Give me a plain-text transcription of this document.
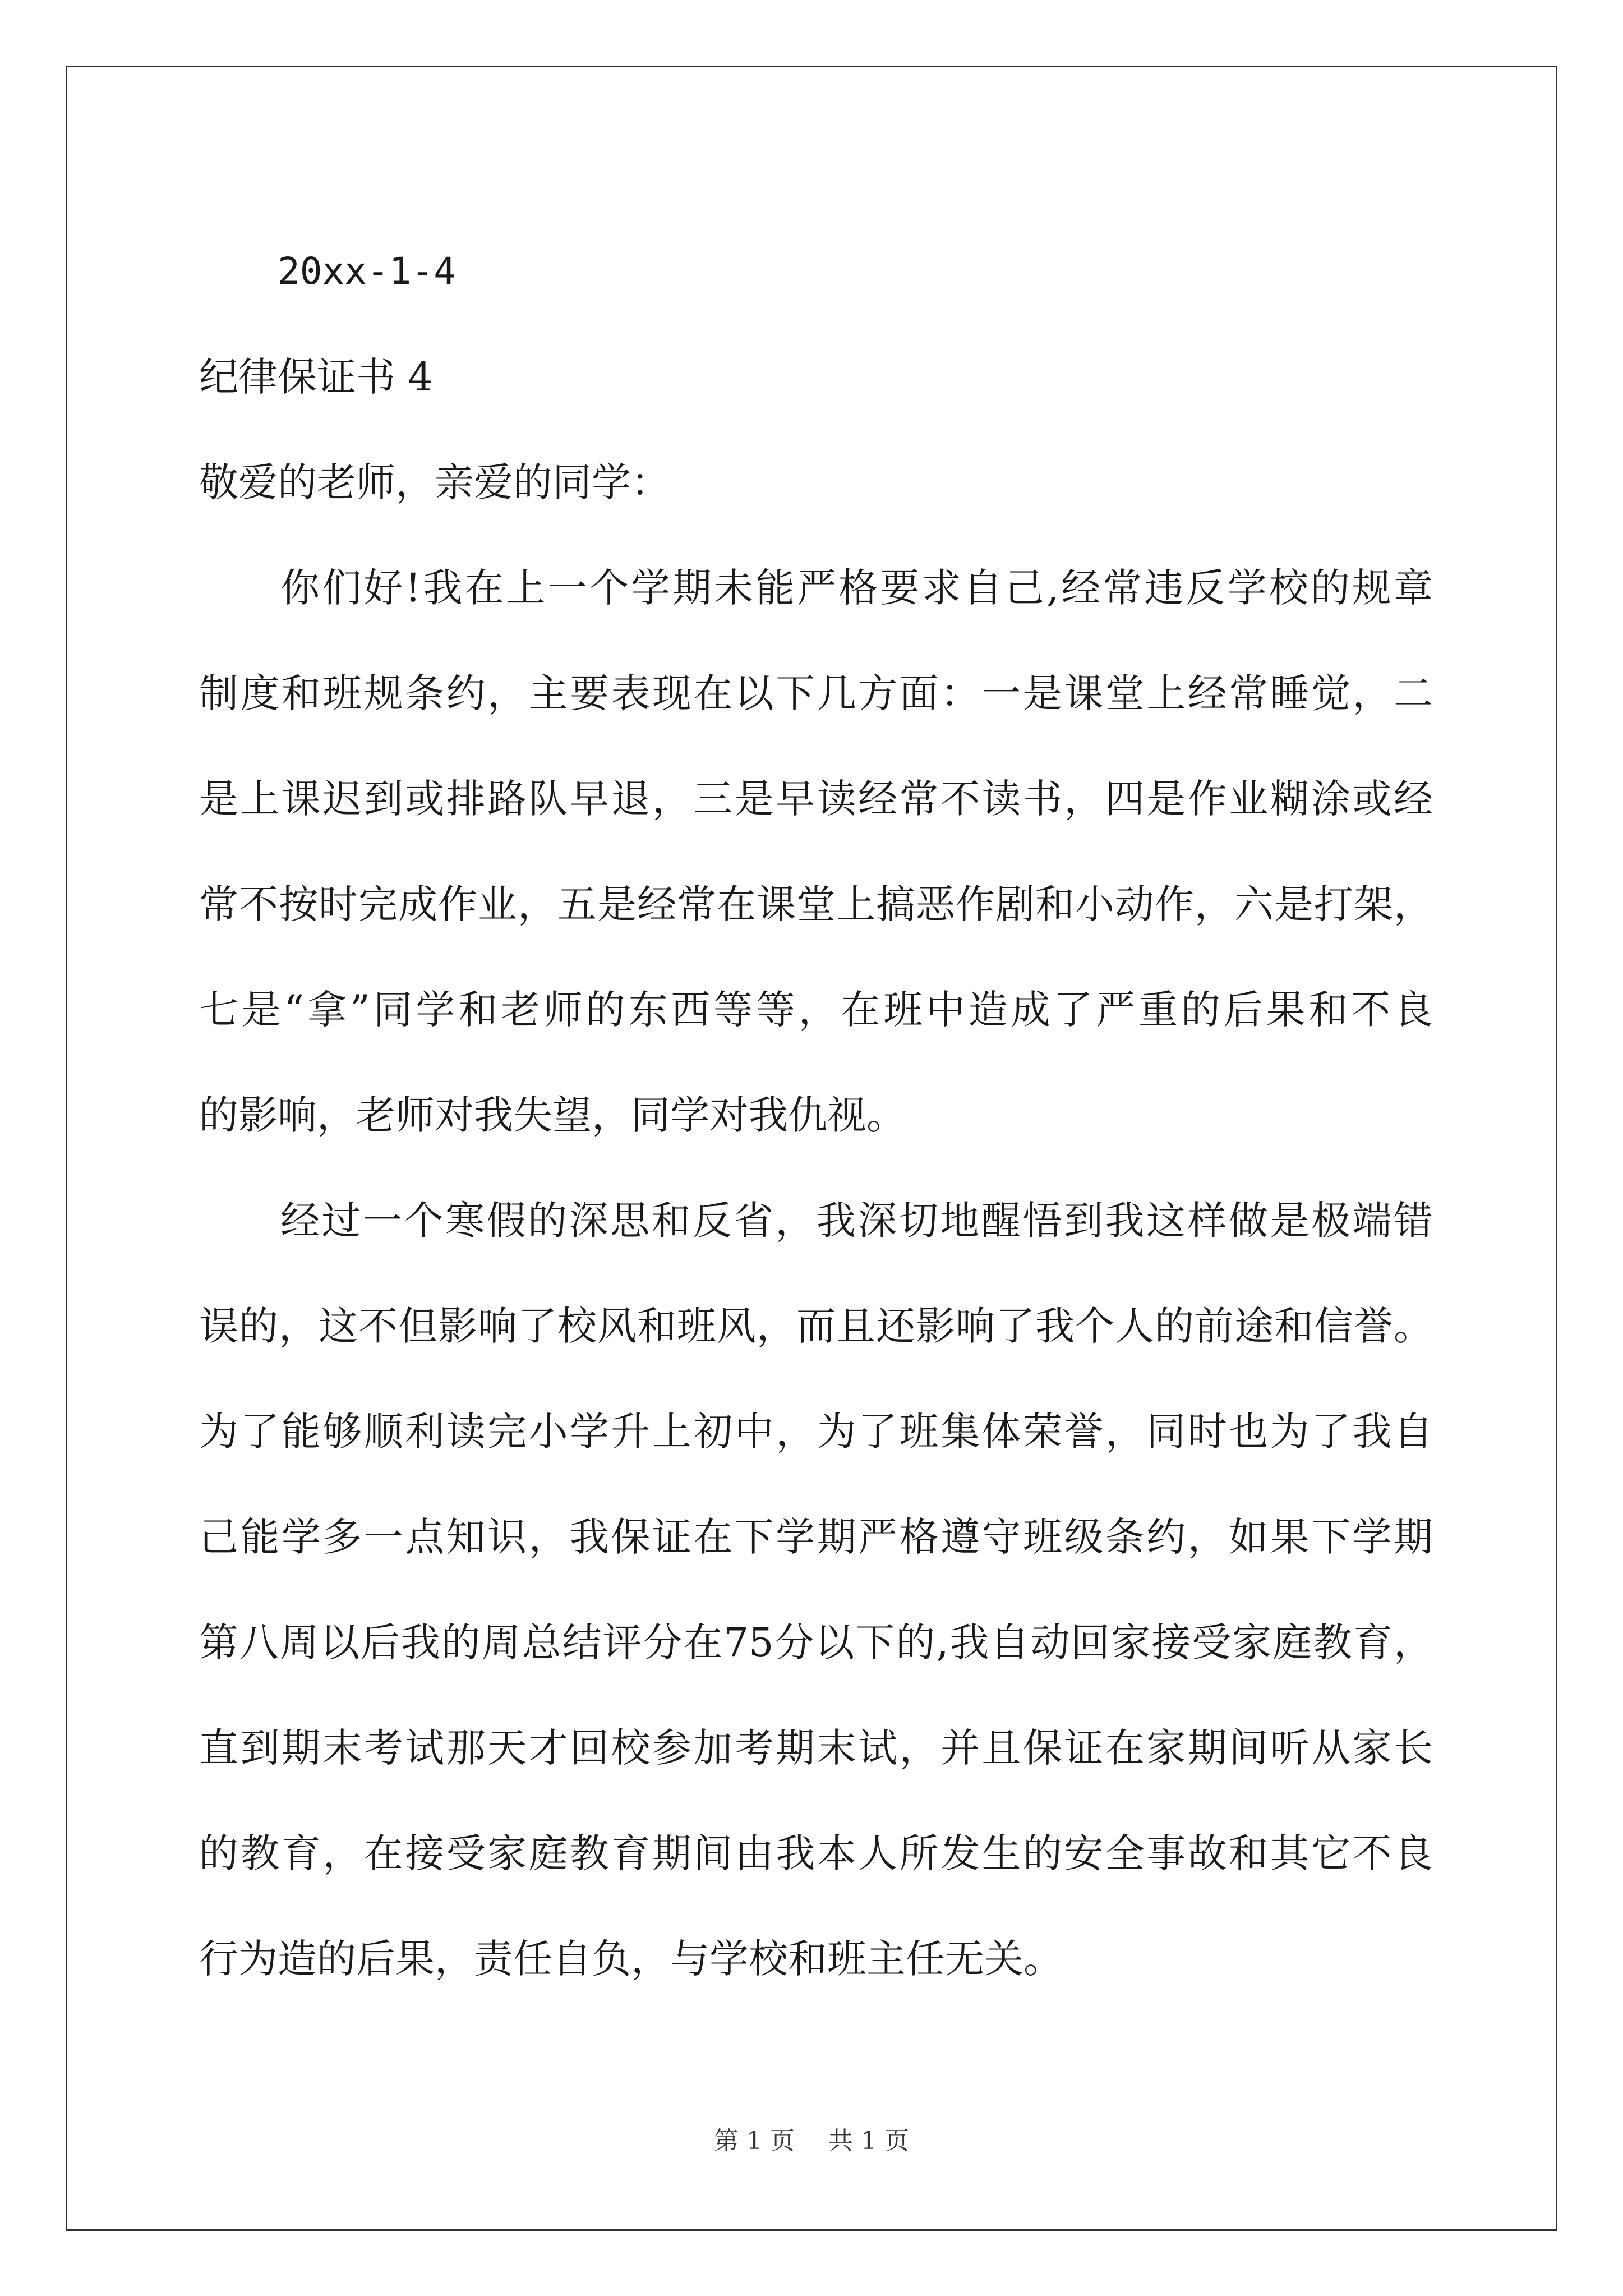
20xx-1-4
纪律保证书 4
敬爱的老师，亲爱的同学：
你们好!我在上一个学期未能严格要求自己,经常违反学校的规章
制度和班规条约，主要表现在以下几方面：一是课堂上经常睡觉，二
是上课迟到或排路队早退，三是早读经常不读书，四是作业糊涂或经
常不按时完成作业，五是经常在课堂上搞恶作剧和小动作，六是打架，
七是“拿”同学和老师的东西等等，在班中造成了严重的后果和不良
的影响，老师对我失望，同学对我仇视。
经过一个寒假的深思和反省，我深切地醒悟到我这样做是极端错
误的，这不但影响了校风和班风，而且还影响了我个人的前途和信誉。
为了能够顺利读完小学升上初中，为了班集体荣誉，同时也为了我自
己能学多一点知识，我保证在下学期严格遵守班级条约，如果下学期
第八周以后我的周总结评分在75分以下的,我自动回家接受家庭教育，
直到期末考试那天才回校参加考期末试，并且保证在家期间听从家长
的教育，在接受家庭教育期间由我本人所发生的安全事故和其它不良
行为造的后果，责任自负，与学校和班主任无关。
第 1 页 共 1 页
